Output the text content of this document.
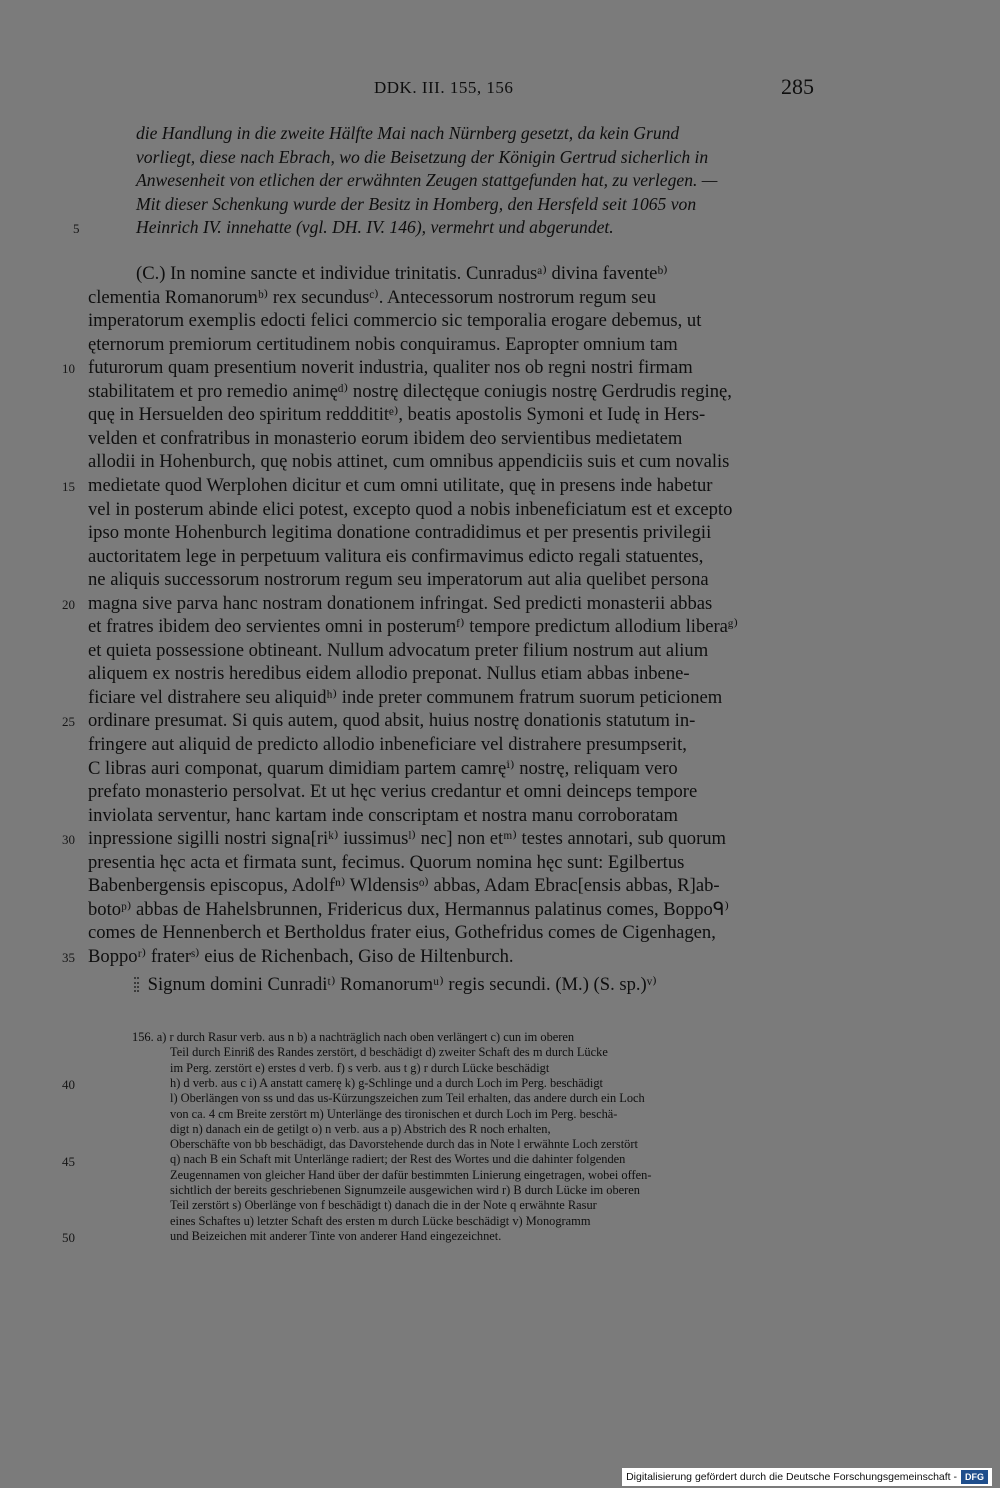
DDK. III. 155, 156	285
die Handlung in die zweite Hälfte Mai nach Nürnberg gesetzt, da kein Grund
vorliegt, diese nach Ebrach, wo die Beisetzung der Königin Gertrud sicherlich in
Anwesenheit von etlichen der erwähnten Zeugen stattgefunden hat, zu verlegen. —
Mit dieser Schenkung wurde der Besitz in Homberg, den Hersfeld seit 1065 von
Heinrich IV. innehatte (vgl. DH. IV. 146), vermehrt und abgerundet.
5
(C.) In nomine sancte et individue trinitatis. Cunradusᵃ⁾ divina faventeᵇ⁾
clementia Romanorumᵇ⁾ rex secundusᶜ⁾. Antecessorum nostrorum regum seu
imperatorum exemplis edocti felici commercio sic temporalia erogare debemus, ut
ęternorum premiorum certitudinem nobis conquiramus. Eapropter omnium tam
futurorum quam presentium noverit industria, qualiter nos ob regni nostri firmam
stabilitatem et pro remedio animęᵈ⁾ nostrę dilectęque coniugis nostrę Gerdrudis reginę,
quę in Hersuelden deo spiritum redddititᵉ⁾, beatis apostolis Symoni et Iudę in Hers-
velden et confratribus in monasterio eorum ibidem deo servientibus medietatem
allodii in Hohenburch, quę nobis attinet, cum omnibus appendiciis suis et cum novalis
medietate quod Werplohen dicitur et cum omni utilitate, quę in presens inde habetur
vel in posterum abinde elici potest, excepto quod a nobis inbeneficiatum est et excepto
ipso monte Hohenburch legitima donatione contradidimus et per presentis privilegii
auctoritatem lege in perpetuum valitura eis confirmavimus edicto regali statuentes,
ne aliquis successorum nostrorum regum seu imperatorum aut alia quelibet persona
magna sive parva hanc nostram donationem infringat. Sed predicti monasterii abbas
et fratres ibidem deo servientes omni in posterumᶠ⁾ tempore predictum allodium liberaᵍ⁾
et quieta possessione obtineant. Nullum advocatum preter filium nostrum aut alium
aliquem ex nostris heredibus eidem allodio preponat. Nullus etiam abbas inbene-
ficiare vel distrahere seu aliquidʰ⁾ inde preter communem fratrum suorum peticionem
ordinare presumat. Si quis autem, quod absit, huius nostrę donationis statutum in-
fringere aut aliquid de predicto allodio inbeneficiare vel distrahere presumpserit,
C libras auri componat, quarum dimidiam partem camręⁱ⁾ nostrę, reliquam vero
prefato monasterio persolvat. Et ut hęc verius credantur et omni deinceps tempore
inviolata serventur, hanc kartam inde conscriptam et nostra manu corroboratam
inpressione sigilli nostri signa[riᵏ⁾ iussimusˡ⁾ nec] non etᵐ⁾ testes annotari, sub quorum
presentia hęc acta et firmata sunt, fecimus. Quorum nomina hęc sunt: Egilbertus
Babenbergensis episcopus, Adolfⁿ⁾ Wldensisᵒ⁾ abbas, Adam Ebrac[ensis abbas, R]ab-
botoᵖ⁾ abbas de Hahelsbrunnen, Fridericus dux, Hermannus palatinus comes, Boppoᑫ⁾
comes de Hennenberch et Bertholdus frater eius, Gothefridus comes de Cigenhagen,
Boppoʳ⁾ fraterˢ⁾ eius de Richenbach, Giso de Hiltenburch.
Signum domini Cunradiᵗ⁾ Romanorumᵘ⁾ regis secundi. (M.) (S. sp.)ᵛ⁾
10
15
20
25
30
35
156. a) r durch Rasur verb. aus n b) a nachträglich nach oben verlängert c) cun im oberen
Teil durch Einriß des Randes zerstört, d beschädigt d) zweiter Schaft des m durch Lücke
im Perg. zerstört e) erstes d verb. f) s verb. aus t g) r durch Lücke beschädigt
h) d verb. aus c i) A anstatt camerę k) g-Schlinge und a durch Loch im Perg. beschädigt
l) Oberlängen von ss und das us-Kürzungszeichen zum Teil erhalten, das andere durch ein Loch
von ca. 4 cm Breite zerstört m) Unterlänge des tironischen et durch Loch im Perg. beschä-
digt n) danach ein de getilgt o) n verb. aus a p) Abstrich des R noch erhalten,
Oberschäfte von bb beschädigt, das Davorstehende durch das in Note l erwähnte Loch zerstört
q) nach B ein Schaft mit Unterlänge radiert; der Rest des Wortes und die dahinter folgenden
Zeugennamen von gleicher Hand über der dafür bestimmten Linierung eingetragen, wobei offen-
sichtlich der bereits geschriebenen Signumzeile ausgewichen wird r) B durch Lücke im oberen
Teil zerstört s) Oberlänge von f beschädigt t) danach die in der Note q erwähnte Rasur
eines Schaftes u) letzter Schaft des ersten m durch Lücke beschädigt v) Monogramm
und Beizeichen mit anderer Tinte von anderer Hand eingezeichnet.
40
45
50
Digitalisierung gefördert durch die Deutsche Forschungsgemeinschaft - DFG
